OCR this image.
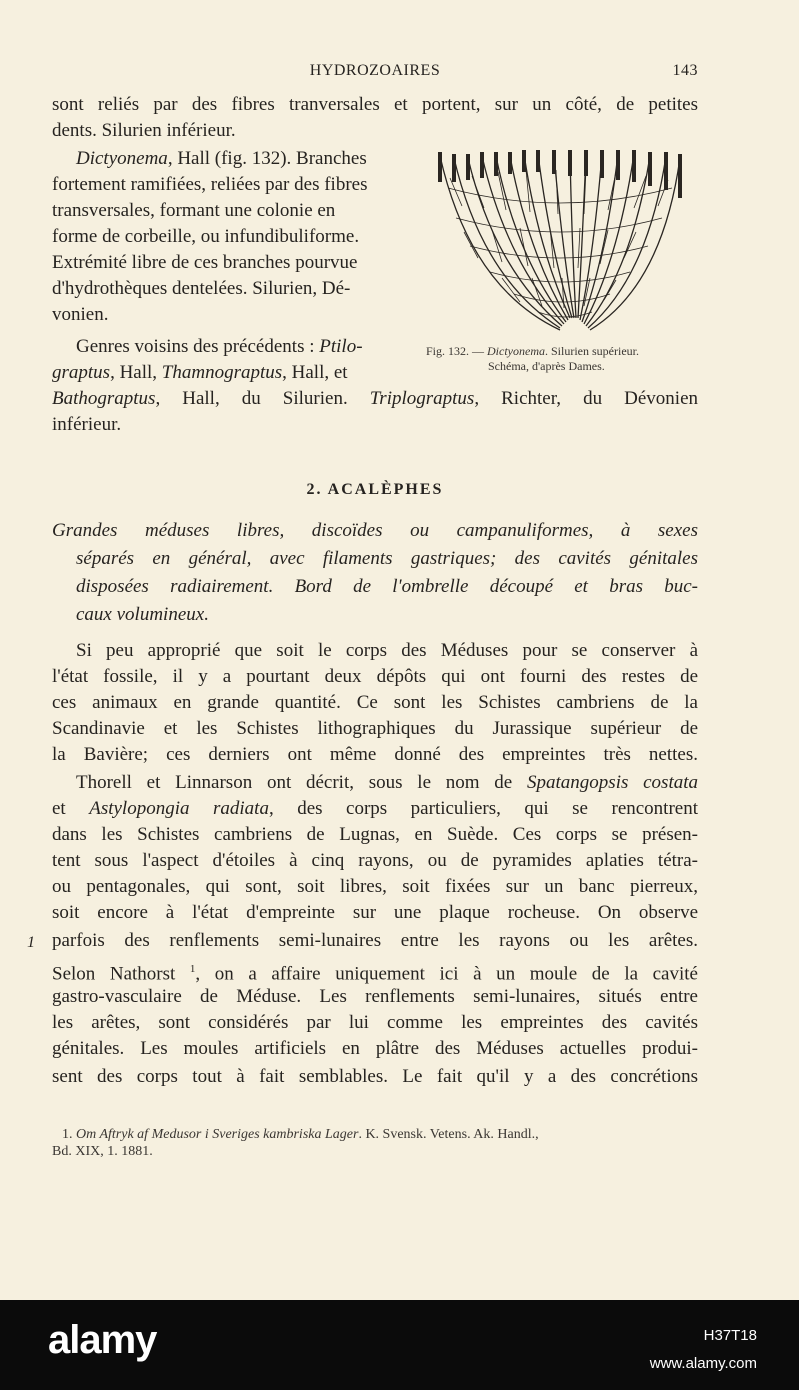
HYDROZOAIRES	143
sont reliés par des fibres tranversales et portent, sur un côté, de petites
dents. Silurien inférieur.
Dictyonema, Hall (fig. 132). Branches
fortement ramifiées, reliées par des fibres
transversales, formant une colonie en
forme de corbeille, ou infundibuliforme.
Extrémité libre de ces branches pourvue
d'hydrothèques dentelées. Silurien, Dé-
vonien.
Fig. 132. — Dictyonema. Silurien supérieur.
Schéma, d'après Dames.
Genres voisins des précédents : Ptilo-
graptus, Hall, Thamnograptus, Hall, et
Bathograptus, Hall, du Silurien. Triplograptus, Richter, du Dévonien
inférieur.
2. ACALÈPHES
Grandes méduses libres, discoïdes ou campanuliformes, à sexes
séparés en général, avec filaments gastriques; des cavités génitales
disposées radiairement. Bord de l'ombrelle découpé et bras buc-
caux volumineux.
Si peu approprié que soit le corps des Méduses pour se conserver à
l'état fossile, il y a pourtant deux dépôts qui ont fourni des restes de
ces animaux en grande quantité. Ce sont les Schistes cambriens de la
Scandinavie et les Schistes lithographiques du Jurassique supérieur de
la Bavière; ces derniers ont même donné des empreintes très nettes.
Thorell et Linnarson ont décrit, sous le nom de Spatangopsis costata
et Astylopongia radiata, des corps particuliers, qui se rencontrent
dans les Schistes cambriens de Lugnas, en Suède. Ces corps se présen-
tent sous l'aspect d'étoiles à cinq rayons, ou de pyramides aplaties tétra-
ou pentagonales, qui sont, soit libres, soit fixées sur un banc pierreux,
soit encore à l'état d'empreinte sur une plaque rocheuse. On observe
parfois des renflements semi-lunaires entre les rayons ou les arêtes.
Selon Nathorst $^1$, on a affaire uniquement ici à un moule de la cavité
gastro-vasculaire de Méduse. Les renflements semi-lunaires, situés entre
les arêtes, sont considérés par lui comme les empreintes des cavités
génitales. Les moules artificiels en plâtre des Méduses actuelles produi-
sent des corps tout à fait semblables. Le fait qu'il y a des concrétions
1
1. Om Aftryk af Medusor i Sveriges kambriska Lager. K. Svensk. Vetens. Ak. Handl.,
Bd. XIX, 1. 1881.
alamy	H37T18
www.alamy.com
